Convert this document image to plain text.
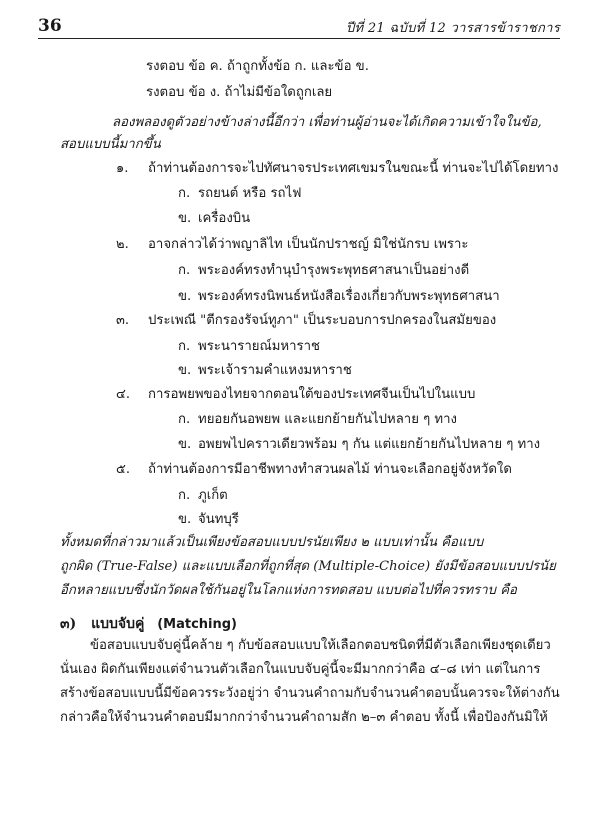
36	ปีที่ 21 ฉบับที่ 12 วารสารข้าราชการ
รงตอบ ข้อ ค. ถ้าถูกทั้งข้อ ก. และข้อ ข.
รงตอบ ข้อ ง. ถ้าไม่มีข้อใดถูกเลย
ลองพลองดูตัวอย่างข้างล่างนี้อีกว่า เพื่อท่านผู้อ่านจะได้เกิดความเข้าใจในข้อ,
สอบแบบนี้มากขึ้น
๑. ถ้าท่านต้องการจะไปทัศนาจรประเทศเขมรในขณะนี้ ท่านจะไปได้โดยทาง
ก. รถยนต์ หรือ รถไฟ
ข. เครื่องบิน
๒. อาจกล่าวได้ว่าพญาลิไท เป็นนักปราชญ์ มิใช่นักรบ เพราะ
ก. พระองค์ทรงทำนุบำรุงพระพุทธศาสนาเป็นอย่างดี
ข. พระองค์ทรงนิพนธ์หนังสือเรื่องเกี่ยวกับพระพุทธศาสนา
๓. ประเพณี "ตีกรองรัจน์ทูภา" เป็นระบอบการปกครองในสมัยของ
ก. พระนารายณ์มหาราช
ข. พระเจ้ารามคำแหงมหาราช
๔. การอพยพของไทยจากตอนใต้ของประเทศจีนเป็นไปในแบบ
ก. ทยอยกันอพยพ และแยกย้ายกันไปหลาย ๆ ทาง
ข. อพยพไปคราวเดียวพร้อม ๆ กัน แต่แยกย้ายกันไปหลาย ๆ ทาง
๕. ถ้าท่านต้องการมีอาชีพทางทำสวนผลไม้ ท่านจะเลือกอยู่จังหวัดใด
ก. ภูเก็ต
ข. จันทบุรี
ทั้งหมดที่กล่าวมาแล้วเป็นเพียงข้อสอบแบบปรนัยเพียง ๒ แบบเท่านั้น คือแบบ
ถูกผิด (True-False) และแบบเลือกที่ถูกที่สุด (Multiple-Choice) ยังมีข้อสอบแบบปรนัย
อีกหลายแบบซึ่งนักวัดผลใช้กันอยู่ในโลกแห่งการทดสอบ แบบต่อไปที่ควรทราบ คือ
๓) แบบจับคู่ (Matching)
ข้อสอบแบบจับคู่นี้คล้าย ๆ กับข้อสอบแบบให้เลือกตอบชนิดที่มีตัวเลือกเพียงชุดเดียว
นั่นเอง ผิดกันเพียงแต่จำนวนตัวเลือกในแบบจับคู่นี้จะมีมากกว่าคือ ๔–๘ เท่า แต่ในการ
สร้างข้อสอบแบบนี้มีข้อควรระวังอยู่ว่า จำนวนคำถามกับจำนวนคำตอบนั้นควรจะให้ต่างกัน
กล่าวคือให้จำนวนคำตอบมีมากกว่าจำนวนคำถามสัก ๒–๓ คำตอบ ทั้งนี้ เพื่อป้องกันมิให้
